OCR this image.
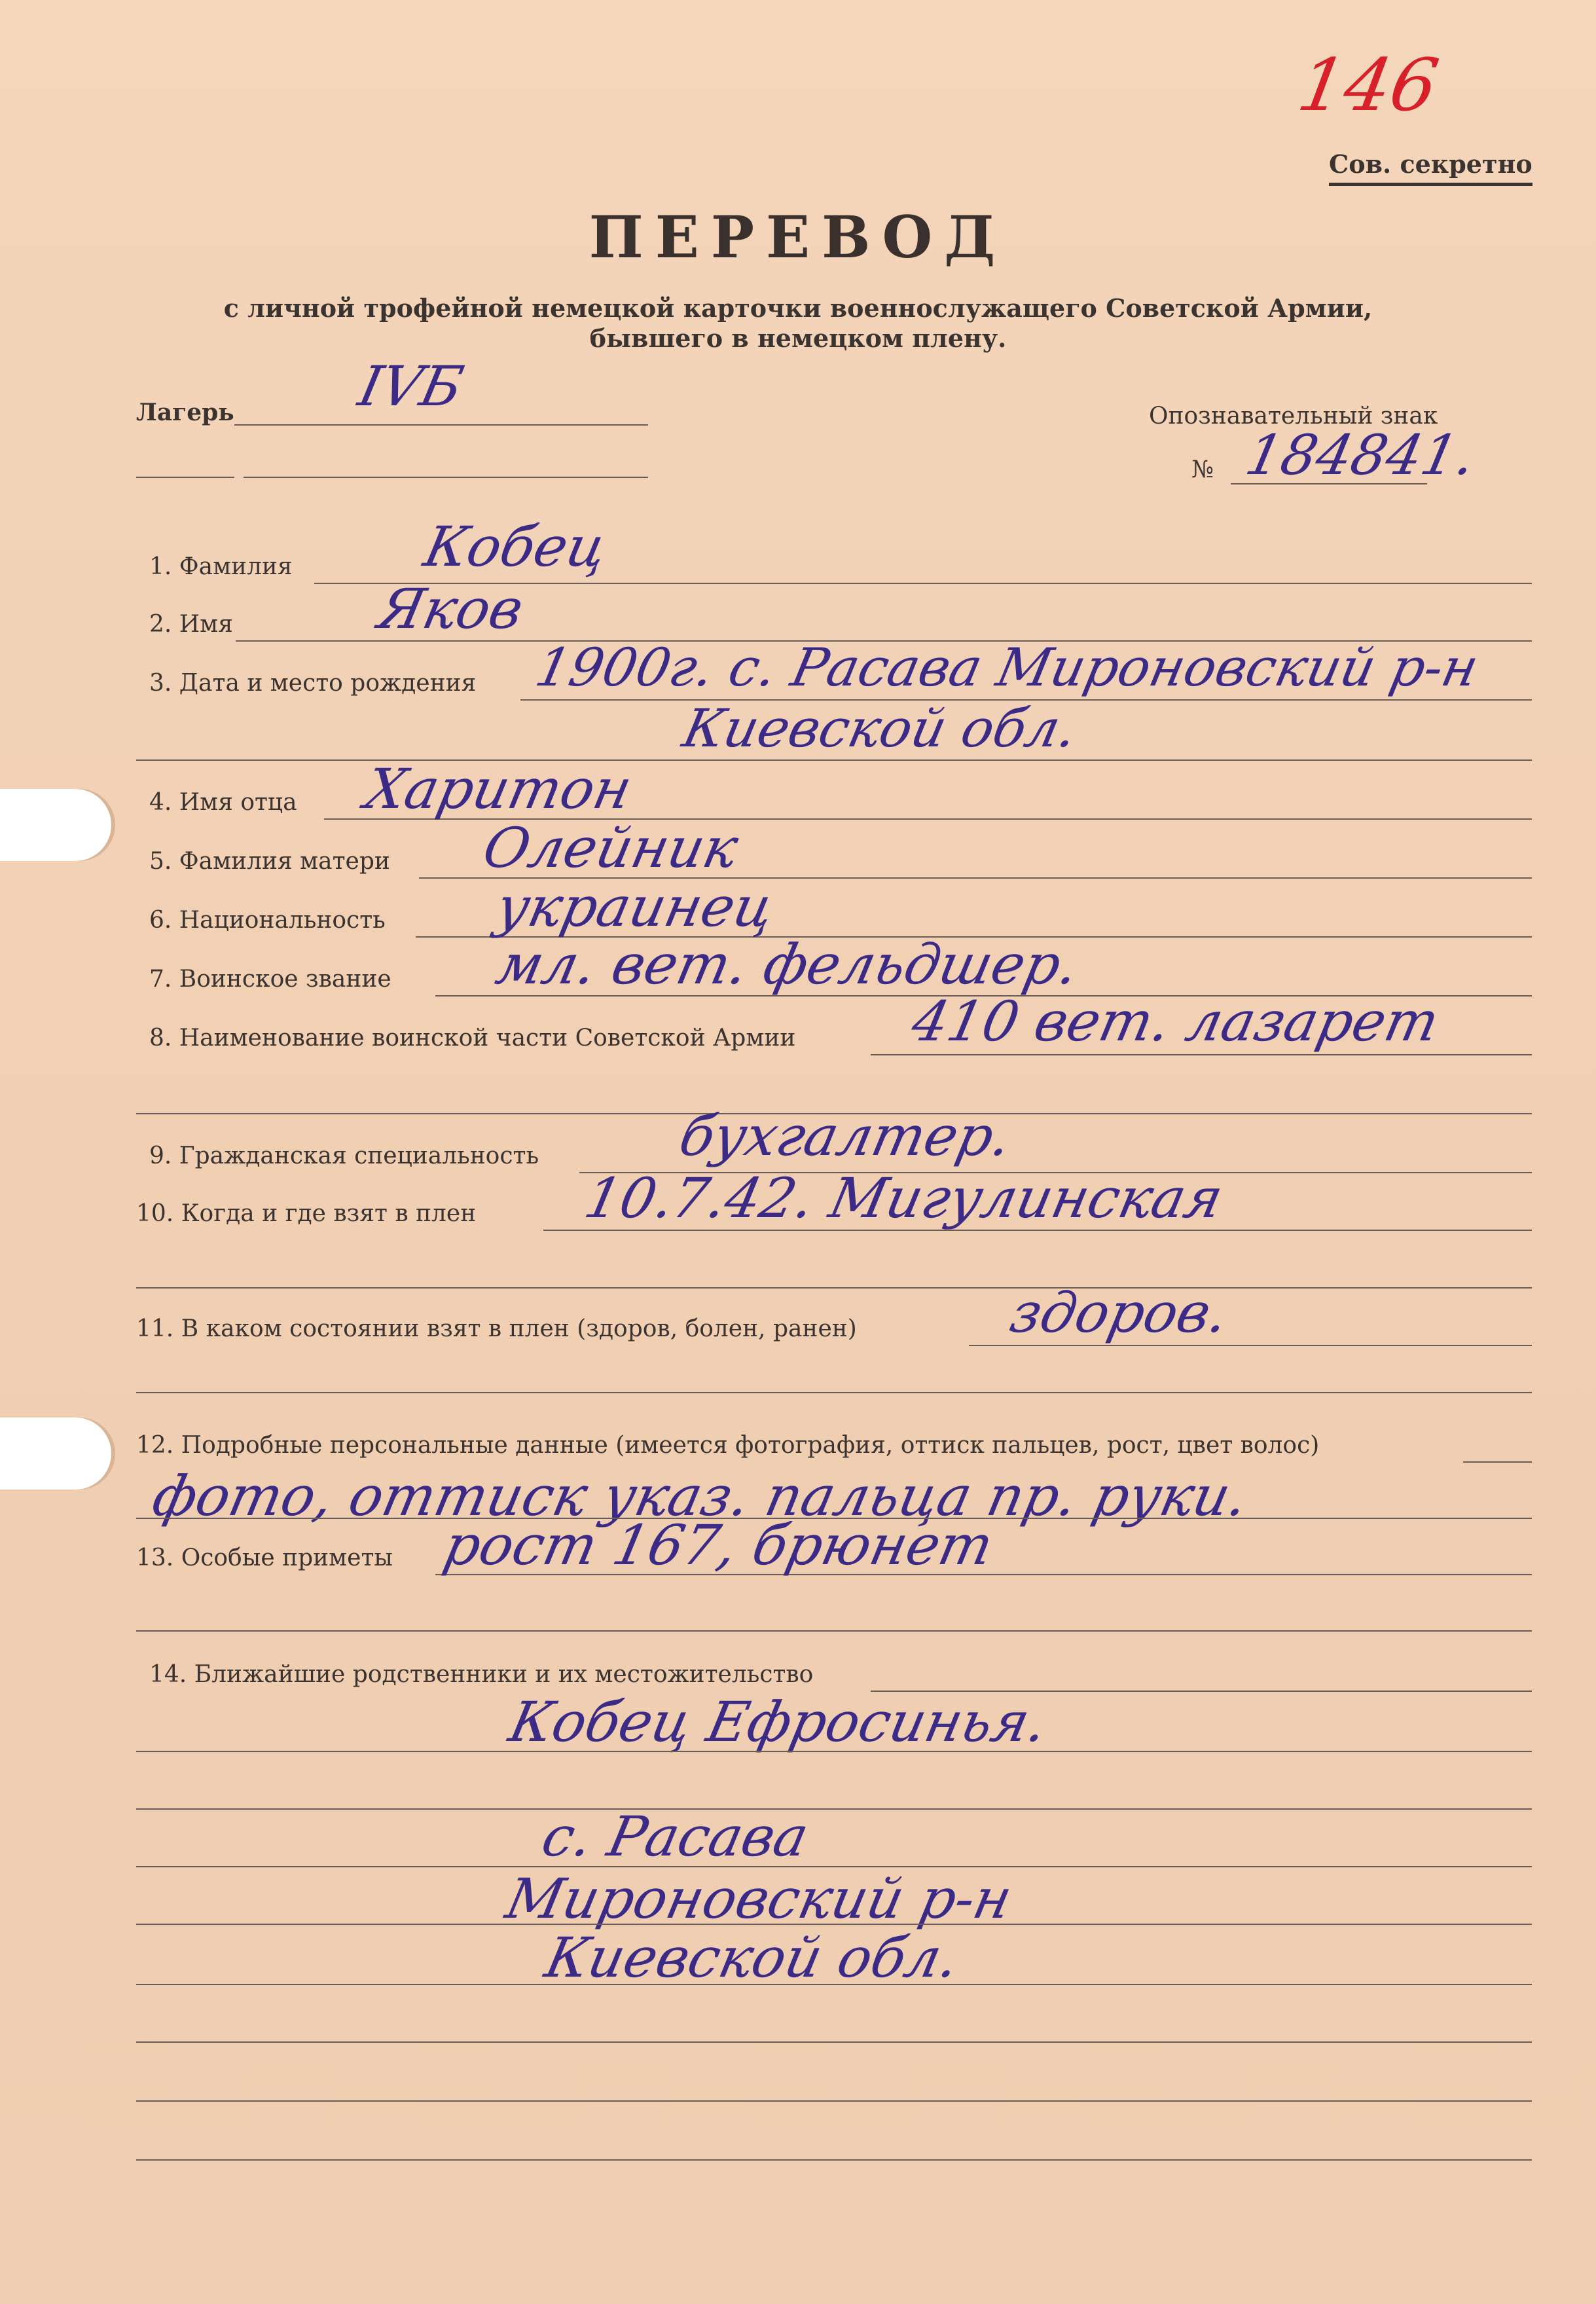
146
Сов. секретно
ПЕРЕВОД
с личной трофейной немецкой карточки военнослужащего Советской Армии,
бывшего в немецком плену.
Лагерь IVБ	Опознавательный знак
№ 184841.
1. Фамилия Кобец
2. Имя	Яков
3. Дата и место рождения 1900г. с. Расава Мироновский р-н
Киевской обл.
4. Имя отца Харитон
5. Фамилия матери Олейник
6. Национальность украинец
7. Воинское звание мл. вет. фельдшер.
8. Наименование воинской части Советской Армии 410 вет. лазарет
9. Гражданская специальность бухгалтер.
10. Когда и где взят в плен 10.7.42. Мигулинская
11. В каком состоянии взят в плен (здоров, болен, ранен)	здоров.
12. Подробные персональные данные (имеется фотография, оттиск пальцев, рост, цвет волос)
фото, оттиск указ. пальца пр. руки.
13. Особые приметы рост 167, брюнет
14. Ближайшие родственники и их местожительство
Кобец Ефросинья.
с. Расава
Мироновский р-н
Киевской обл.
